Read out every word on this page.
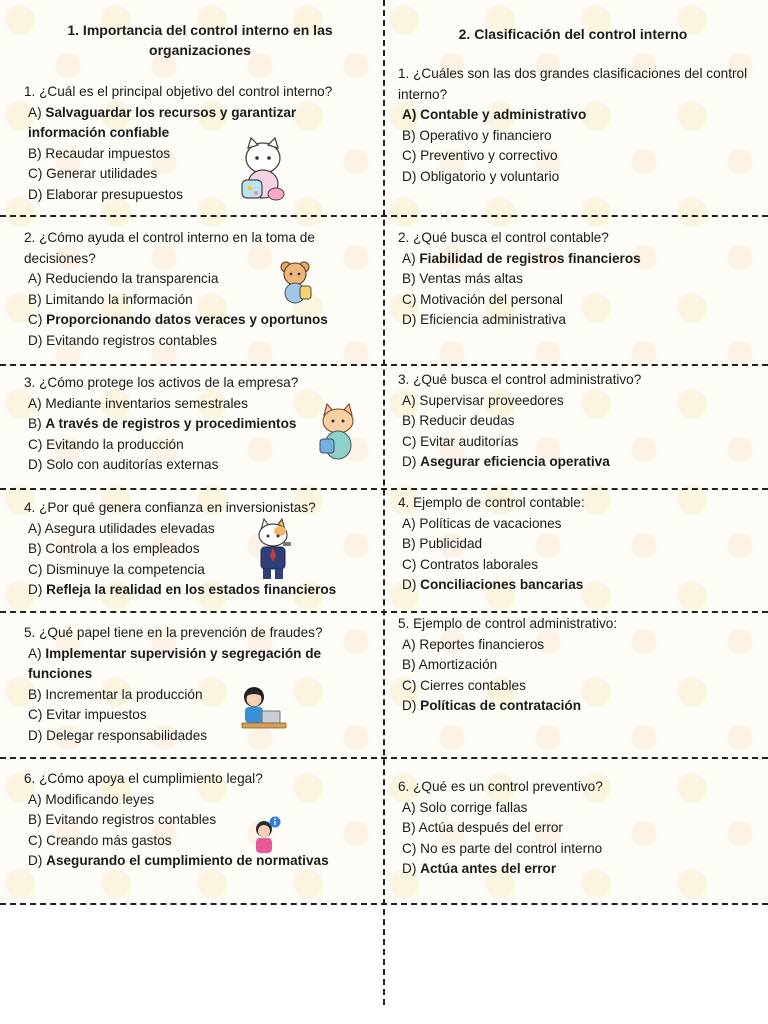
1. Importancia del control interno en las organizaciones
2. Clasificación del control interno
1. ¿Cuál es el principal objetivo del control interno?
A) Salvaguardar los recursos y garantizar información confiable
B) Recaudar impuestos
C) Generar utilidades
D) Elaborar presupuestos
2. ¿Cómo ayuda el control interno en la toma de decisiones?
A) Reduciendo la transparencia
B) Limitando la información
C) Proporcionando datos veraces y oportunos
D) Evitando registros contables
3. ¿Cómo protege los activos de la empresa?
A) Mediante inventarios semestrales
B) A través de registros y procedimientos
C) Evitando la producción
D) Solo con auditorías externas
4. ¿Por qué genera confianza en inversionistas?
A) Asegura utilidades elevadas
B) Controla a los empleados
C) Disminuye la competencia
D) Refleja la realidad en los estados financieros
5. ¿Qué papel tiene en la prevención de fraudes?
A) Implementar supervisión y segregación de funciones
B) Incrementar la producción
C) Evitar impuestos
D) Delegar responsabilidades
6. ¿Cómo apoya el cumplimiento legal?
A) Modificando leyes
B) Evitando registros contables
C) Creando más gastos
D) Asegurando el cumplimiento de normativas
1. ¿Cuáles son las dos grandes clasificaciones del control interno?
A) Contable y administrativo
B) Operativo y financiero
C) Preventivo y correctivo
D) Obligatorio y voluntario
2. ¿Qué busca el control contable?
A) Fiabilidad de registros financieros
B) Ventas más altas
C) Motivación del personal
D) Eficiencia administrativa
3. ¿Qué busca el control administrativo?
A) Supervisar proveedores
B) Reducir deudas
C) Evitar auditorías
D) Asegurar eficiencia operativa
4. Ejemplo de control contable:
A) Políticas de vacaciones
B) Publicidad
C) Contratos laborales
D) Conciliaciones bancarias
5. Ejemplo de control administrativo:
A) Reportes financieros
B) Amortización
C) Cierres contables
D) Políticas de contratación
6. ¿Qué es un control preventivo?
A) Solo corrige fallas
B) Actúa después del error
C) No es parte del control interno
D) Actúa antes del error
